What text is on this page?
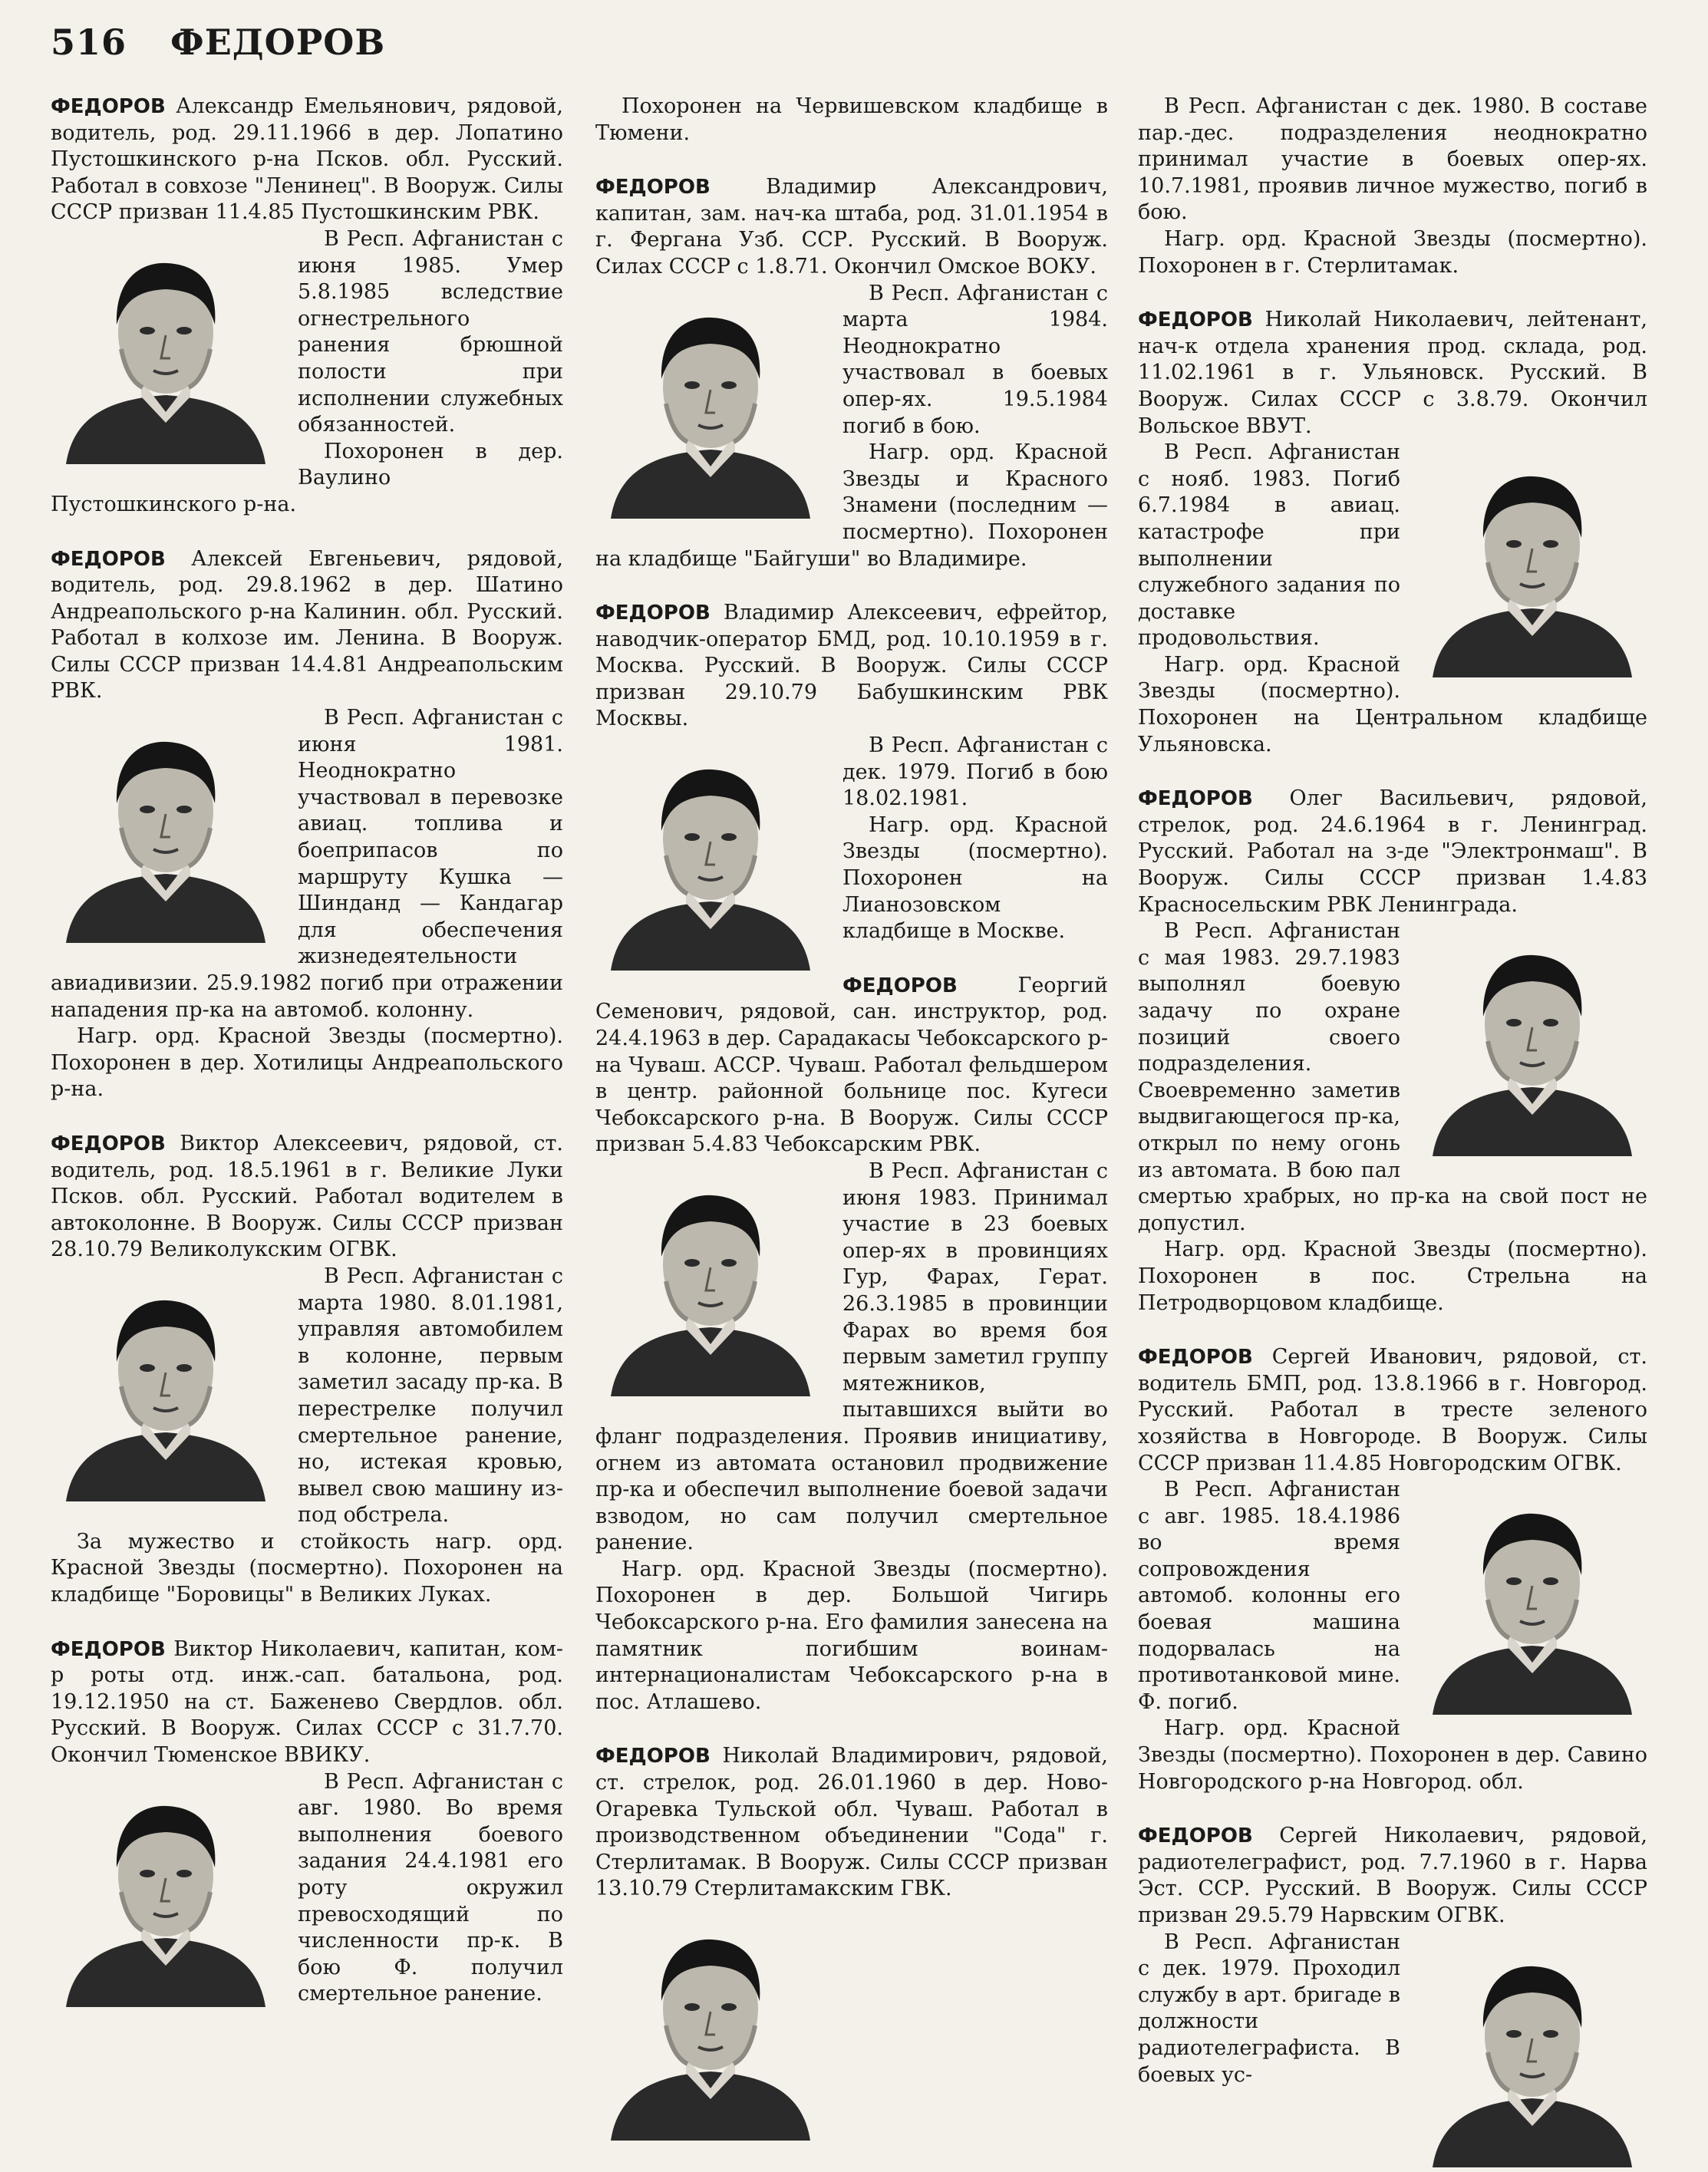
516 ФЕДОРОВ

ФЕДОРОВ Александр Емельянович, рядовой, водитель, род. 29.11.1966 в дер. Лопатино Пустошкинского р-на Псков. обл. Русский. Работал в совхозе "Ленинец". В Вооруж. Силы СССР призван 11.4.85 Пустошкинским РВК.

В Респ. Афганистан с июня 1985. Умер 5.8.1985 вследствие огнестрельного ранения брюшной полости при исполнении служебных обязанностей.

Похоронен в дер. Ваулино Пустошкинского р-на.

ФЕДОРОВ Алексей Евгеньевич, рядовой, водитель, род. 29.8.1962 в дер. Шатино Андреапольского р-на Калинин. обл. Русский. Работал в колхозе им. Ленина. В Вооруж. Силы СССР призван 14.4.81 Андреапольским РВК.

В Респ. Афганистан с июня 1981. Неоднократно участвовал в перевозке авиац. топлива и боеприпасов по маршруту Кушка — Шинданд — Кандагар для обеспечения жизнедеятельности авиадивизии. 25.9.1982 погиб при отражении нападения пр-ка на автомоб. колонну.

Нагр. орд. Красной Звезды (посмертно). Похоронен в дер. Хотилицы Андреапольского р-на.

ФЕДОРОВ Виктор Алексеевич, рядовой, ст. водитель, род. 18.5.1961 в г. Великие Луки Псков. обл. Русский. Работал водителем в автоколонне. В Вооруж. Силы СССР призван 28.10.79 Великолукским ОГВК.

В Респ. Афганистан с марта 1980. 8.01.1981, управляя автомобилем в колонне, первым заметил засаду пр-ка. В перестрелке получил смертельное ранение, но, истекая кровью, вывел свою машину из-под обстрела.

За мужество и стойкость нагр. орд. Красной Звезды (посмертно). Похоронен на кладбище "Боровицы" в Великих Луках.

ФЕДОРОВ Виктор Николаевич, капитан, ком-р роты отд. инж.-сап. батальона, род. 19.12.1950 на ст. Баженево Свердлов. обл. Русский. В Вооруж. Силах СССР с 31.7.70. Окончил Тюменское ВВИКУ.

В Респ. Афганистан с авг. 1980. Во время выполнения боевого задания 24.4.1981 его роту окружил превосходящий по численности пр-к. В бою Ф. получил смертельное ранение.

Похоронен на Червишевском кладбище в Тюмени.

ФЕДОРОВ	Владимир Александрович, капитан, зам. нач-ка штаба, род. 31.01.1954 в г. Фергана Узб. ССР. Русский. В Вооруж. Силах СССР с 1.8.71. Окончил Омское ВОКУ.

В Респ. Афганистан с марта 1984. Неоднократно участвовал в боевых опер-ях. 19.5.1984 погиб в бою.

Нагр. орд. Красной Звезды и Красного Знамени (последним — посмертно). Похоронен на кладбище "Байгуши" во Владимире.

ФЕДОРОВ Владимир Алексеевич, ефрейтор, наводчик-оператор БМД, род. 10.10.1959 в г. Москва. Русский. В Вооруж. Силы СССР призван 29.10.79 Бабушкинским РВК Москвы.

В Респ. Афганистан с дек. 1979. Погиб в бою 18.02.1981.

Нагр. орд. Красной Звезды (посмертно). Похоронен на Лианозовском кладбище в Москве.

ФЕДОРОВ	Георгий Семенович, рядовой, сан. инструктор, род. 24.4.1963 в дер. Сарадакасы Чебоксарского р-на Чуваш. АССР. Чуваш. Работал фельдшером в центр. районной больнице пос. Кугеси Чебоксарского р-на. В Вооруж. Силы СССР призван 5.4.83 Чебоксарским РВК.

В Респ. Афганистан с июня 1983. Принимал участие в 23 боевых опер-ях в провинциях Гур, Фарах, Герат. 26.3.1985 в провинции Фарах во время боя первым заметил группу мятежников, пытавшихся выйти во фланг подразделения. Проявив инициативу, огнем из автомата остановил продвижение пр-ка и обеспечил выполнение боевой задачи взводом, но сам получил смертельное ранение.

Нагр. орд. Красной Звезды (посмертно). Похоронен в дер. Большой Чигирь Чебоксарского р-на. Его фамилия занесена на памятник погибшим воинам-интернационалистам Чебоксарского р-на в пос. Атлашево.

ФЕДОРОВ Николай Владимирович, рядовой, ст. стрелок, род. 26.01.1960 в дер. Ново-Огаревка Тульской обл. Чуваш. Работал в производственном объединении "Сода" г. Стерлитамак. В Вооруж. Силы СССР призван 13.10.79 Стерлитамакским ГВК.

В Респ. Афганистан с дек. 1980. В составе пар.-дес. подразделения неоднократно принимал участие в боевых опер-ях. 10.7.1981, проявив личное мужество, погиб в бою.

Нагр. орд. Красной Звезды (посмертно). Похоронен в г. Стерлитамак.

ФЕДОРОВ Николай Николаевич, лейтенант, нач-к отдела хранения прод. склада, род. 11.02.1961 в г. Ульяновск. Русский. В Вооруж. Силах СССР с 3.8.79. Окончил Вольское ВВУТ.

В Респ. Афганистан с нояб. 1983. Погиб 6.7.1984 в авиац. катастрофе при выполнении служебного задания по доставке продовольствия.

Нагр. орд. Красной Звезды (посмертно). Похоронен на Центральном кладбище Ульяновска.

ФЕДОРОВ Олег Васильевич, рядовой, стрелок, род. 24.6.1964 в г. Ленинград. Русский. Работал на з-де "Электронмаш". В Вооруж. Силы СССР призван 1.4.83 Красносельским РВК Ленинграда.

В Респ. Афганистан с мая 1983. 29.7.1983 выполнял боевую задачу по охране позиций своего подразделения. Своевременно заметив выдвигающегося пр-ка, открыл по нему огонь из автомата. В бою пал смертью храбрых, но пр-ка на свой пост не допустил.

Нагр. орд. Красной Звезды (посмертно). Похоронен в пос. Стрельна на Петродворцовом кладбище.

ФЕДОРОВ Сергей Иванович, рядовой, ст. водитель БМП, род. 13.8.1966 в г. Новгород. Русский. Работал в тресте зеленого хозяйства в Новгороде. В Вооруж. Силы СССР призван 11.4.85 Новгородским ОГВК.

В Респ. Афганистан с авг. 1985. 18.4.1986 во время сопровождения автомоб. колонны его боевая машина подорвалась на противотанковой мине. Ф. погиб.

Нагр. орд. Красной Звезды (посмертно). Похоронен в дер. Савино Новгородского р-на Новгород. обл.

ФЕДОРОВ Сергей Николаевич, рядовой, радиотелеграфист, род. 7.7.1960 в г. Нарва Эст. ССР. Русский. В Вооруж. Силы СССР призван 29.5.79 Нарвским ОГВК.

В Респ. Афганистан с дек. 1979. Проходил службу в арт. бригаде в должности радиотелеграфиста. В боевых ус-
